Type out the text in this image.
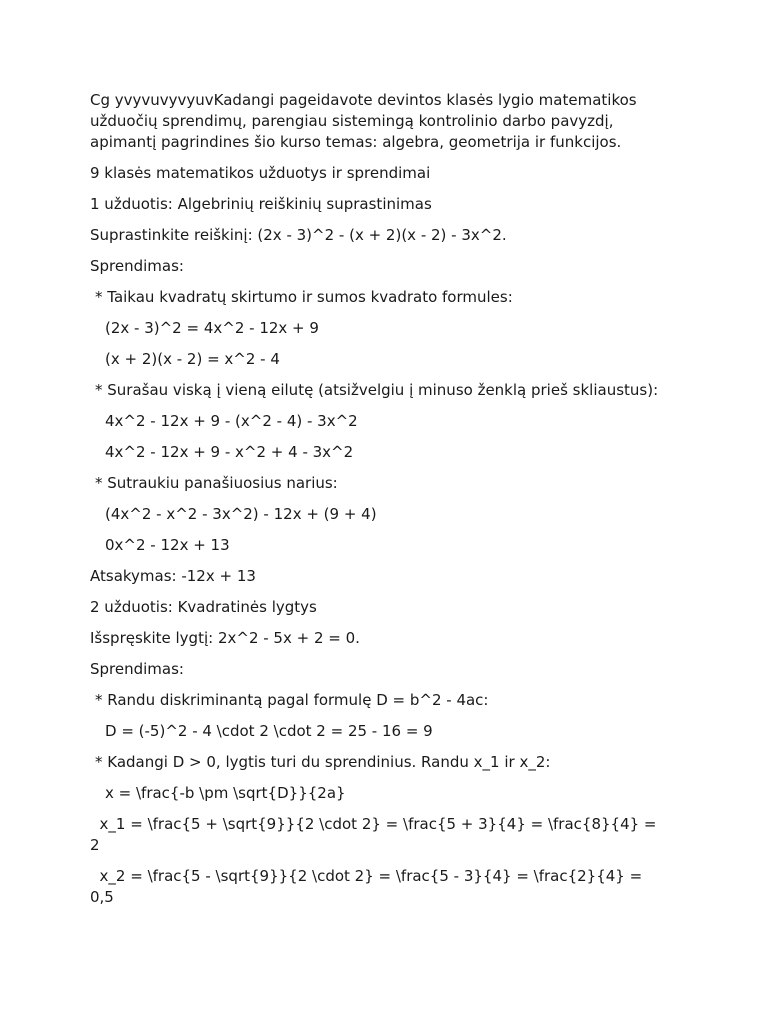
Cg yvyvuvyvyuvKadangi pageidavote devintos klasės lygio matematikos užduočių sprendimų, parengiau sistemingą kontrolinio darbo pavyzdį, apimantį pagrindines šio kurso temas: algebra, geometrija ir funkcijos.

9 klasės matematikos užduotys ir sprendimai

1 užduotis: Algebrinių reiškinių suprastinimas

Suprastinkite reiškinį: (2x - 3)^2 - (x + 2)(x - 2) - 3x^2.

Sprendimas:

* Taikau kvadratų skirtumo ir sumos kvadrato formules:

(2x - 3)^2 = 4x^2 - 12x + 9

(x + 2)(x - 2) = x^2 - 4

* Surašau viską į vieną eilutę (atsižvelgiu į minuso ženklą prieš skliaustus):

4x^2 - 12x + 9 - (x^2 - 4) - 3x^2

4x^2 - 12x + 9 - x^2 + 4 - 3x^2

* Sutraukiu panašiuosius narius:

(4x^2 - x^2 - 3x^2) - 12x + (9 + 4)

0x^2 - 12x + 13

Atsakymas: -12x + 13

2 užduotis: Kvadratinės lygtys

Išspręskite lygtį: 2x^2 - 5x + 2 = 0.

Sprendimas:

* Randu diskriminantą pagal formulę D = b^2 - 4ac:

D = (-5)^2 - 4 \cdot 2 \cdot 2 = 25 - 16 = 9

* Kadangi D > 0, lygtis turi du sprendinius. Randu x_1 ir x_2:

x = \frac{-b \pm \sqrt{D}}{2a}

x_1 = \frac{5 + \sqrt{9}}{2 \cdot 2} = \frac{5 + 3}{4} = \frac{8}{4} = 2

x_2 = \frac{5 - \sqrt{9}}{2 \cdot 2} = \frac{5 - 3}{4} = \frac{2}{4} = 0,5
